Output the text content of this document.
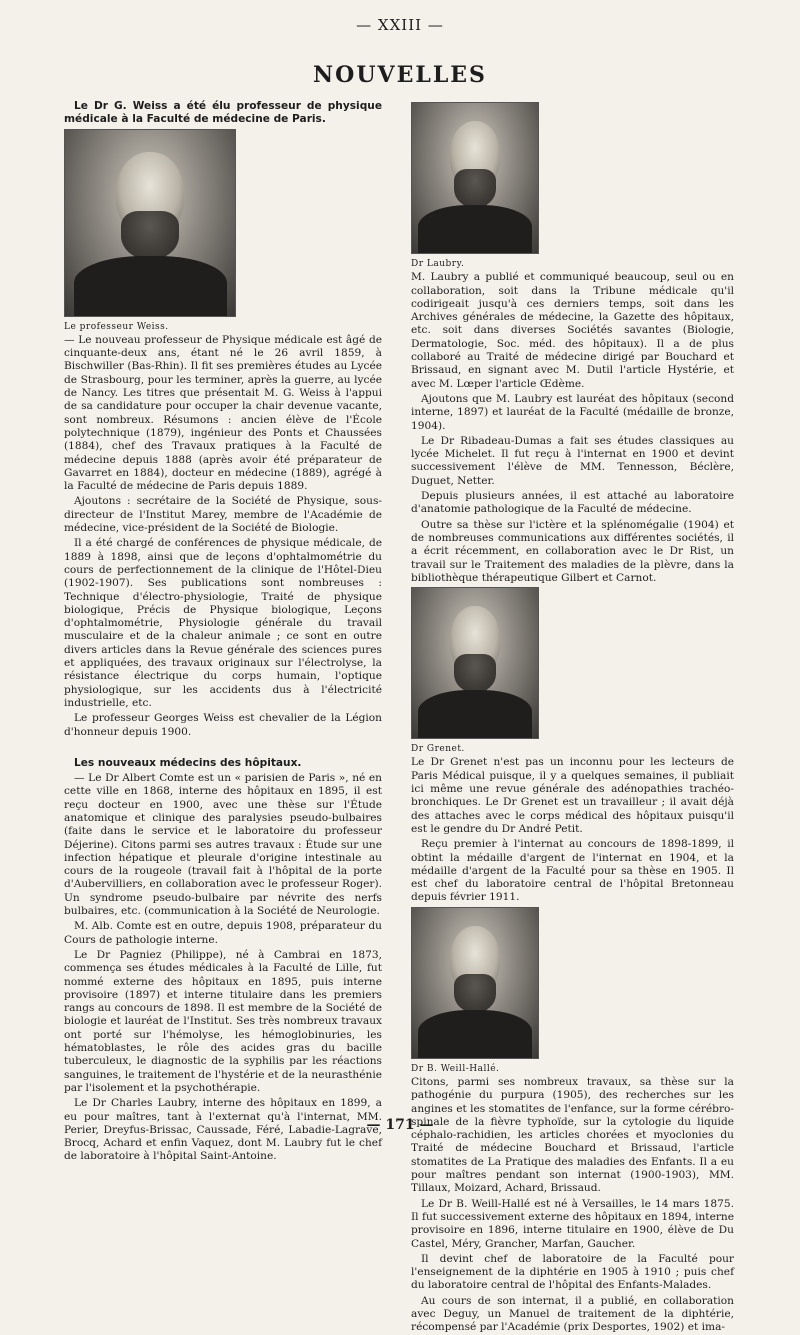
— XXIII —
NOUVELLES

Le Dr G. Weiss a été élu professeur de physique médicale à la Faculté de médecine de Paris.

Le professeur Weiss.
— Le nouveau professeur de Physique médicale est âgé de cinquante-deux ans, étant né le 26 avril 1859, à Bischwiller (Bas-Rhin). Il fit ses premières études au Lycée de Strasbourg, pour les terminer, après la guerre, au lycée de Nancy. Les titres que présentait M. G. Weiss à l'appui de sa candidature pour occuper la chair devenue vacante, sont nombreux. Résumons : ancien élève de l'École polytechnique (1879), ingénieur des Ponts et Chaussées (1884), chef des Travaux pratiques à la Faculté de médecine depuis 1888 (après avoir été préparateur de Gavarret en 1884), docteur en médecine (1889), agrégé à la Faculté de médecine de Paris depuis 1889.

Ajoutons : secrétaire de la Société de Physique, sous-directeur de l'Institut Marey, membre de l'Académie de médecine, vice-président de la Société de Biologie.

Il a été chargé de conférences de physique médicale, de 1889 à 1898, ainsi que de leçons d'ophtalmométrie du cours de perfectionnement de la clinique de l'Hôtel-Dieu (1902-1907). Ses publications sont nombreuses : Technique d'électro-physiologie, Traité de physique biologique, Précis de Physique biologique, Leçons d'ophtalmométrie, Physiologie générale du travail musculaire et de la chaleur animale ; ce sont en outre divers articles dans la Revue générale des sciences pures et appliquées, des travaux originaux sur l'électrolyse, la résistance électrique du corps humain, l'optique physiologique, sur les accidents dus à l'électricité industrielle, etc.

Le professeur Georges Weiss est chevalier de la Légion d'honneur depuis 1900.

Les nouveaux médecins des hôpitaux.

— Le Dr Albert Comte est un « parisien de Paris », né en cette ville en 1868, interne des hôpitaux en 1895, il est reçu docteur en 1900, avec une thèse sur l'Étude anatomique et clinique des paralysies pseudo-bulbaires (faite dans le service et le laboratoire du professeur Déjerine). Citons parmi ses autres travaux : Étude sur une infection hépatique et pleurale d'origine intestinale au cours de la rougeole (travail fait à l'hôpital de la porte d'Aubervilliers, en collaboration avec le professeur Roger). Un syndrome pseudo-bulbaire par névrite des nerfs bulbaires, etc. (communication à la Société de Neurologie.

M. Alb. Comte est en outre, depuis 1908, préparateur du Cours de pathologie interne.

Le Dr Pagniez (Philippe), né à Cambrai en 1873, commença ses études médicales à la Faculté de Lille, fut nommé externe des hôpitaux en 1895, puis interne provisoire (1897) et interne titulaire dans les premiers rangs au concours de 1898. Il est membre de la Société de biologie et lauréat de l'Institut. Ses très nombreux travaux ont porté sur l'hémolyse, les hémoglobinuries, les hématoblastes, le rôle des acides gras du bacille tuberculeux, le diagnostic de la syphilis par les réactions sanguines, le traitement de l'hystérie et de la neurasthénie par l'isolement et la psychothérapie.

Le Dr Charles Laubry, interne des hôpitaux en 1899, a eu pour maîtres, tant à l'externat qu'à l'internat, MM. Perier, Dreyfus-Brissac, Caussade, Féré, Labadie-Lagrave, Brocq, Achard et enfin Vaquez, dont M. Laubry fut le chef de laboratoire à l'hôpital Saint-Antoine.

Dr Laubry.
M. Laubry a publié et communiqué beaucoup, seul ou en collaboration, soit dans la Tribune médicale qu'il codirigeait jusqu'à ces derniers temps, soit dans les Archives générales de médecine, la Gazette des hôpitaux, etc. soit dans diverses Sociétés savantes (Biologie, Dermatologie, Soc. méd. des hôpitaux). Il a de plus collaboré au Traité de médecine dirigé par Bouchard et Brissaud, en signant avec M. Dutil l'article Hystérie, et avec M. Lœper l'article Œdème.

Ajoutons que M. Laubry est lauréat des hôpitaux (second interne, 1897) et lauréat de la Faculté (médaille de bronze, 1904).

Le Dr Ribadeau-Dumas a fait ses études classiques au lycée Michelet. Il fut reçu à l'internat en 1900 et devint successivement l'élève de MM. Tennesson, Béclère, Duguet, Netter.

Depuis plusieurs années, il est attaché au laboratoire d'anatomie pathologique de la Faculté de médecine.

Outre sa thèse sur l'ictère et la splénomégalie (1904) et de nombreuses communications aux différentes sociétés, il a écrit récemment, en collaboration avec le Dr Rist, un travail sur le Traitement des maladies de la plèvre, dans la bibliothèque thérapeutique Gilbert et Carnot.

Dr Grenet.
Le Dr Grenet n'est pas un inconnu pour les lecteurs de Paris Médical puisque, il y a quelques semaines, il publiait ici même une revue générale des adénopathies trachéo-bronchiques. Le Dr Grenet est un travailleur ; il avait déjà des attaches avec le corps médical des hôpitaux puisqu'il est le gendre du Dr André Petit.

Reçu premier à l'internat au concours de 1898-1899, il obtint la médaille d'argent de l'internat en 1904, et la médaille d'argent de la Faculté pour sa thèse en 1905. Il est chef du laboratoire central de l'hôpital Bretonneau depuis février 1911.

Dr B. Weill-Hallé.
Citons, parmi ses nombreux travaux, sa thèse sur la pathogénie du purpura (1905), des recherches sur les angines et les stomatites de l'enfance, sur la forme cérébro-spinale de la fièvre typhoïde, sur la cytologie du liquide céphalo-rachidien, les articles chorées et myoclonies du Traité de médecine Bouchard et Brissaud, l'article stomatites de La Pratique des maladies des Enfants. Il a eu pour maîtres pendant son internat (1900-1903), MM. Tillaux, Moizard, Achard, Brissaud.

Le Dr B. Weill-Hallé est né à Versailles, le 14 mars 1875. Il fut successivement externe des hôpitaux en 1894, interne provisoire en 1896, interne titulaire en 1900, élève de Du Castel, Méry, Grancher, Marfan, Gaucher.

Il devint chef de laboratoire de la Faculté pour l'enseignement de la diphtérie en 1905 à 1910 ; puis chef du laboratoire central de l'hôpital des Enfants-Malades.

Au cours de son internat, il a publié, en collaboration avec Deguy, un Manuel de traitement de la diphtérie, récompensé par l'Académie (prix Desportes, 1902) et ima-

— 171 —
